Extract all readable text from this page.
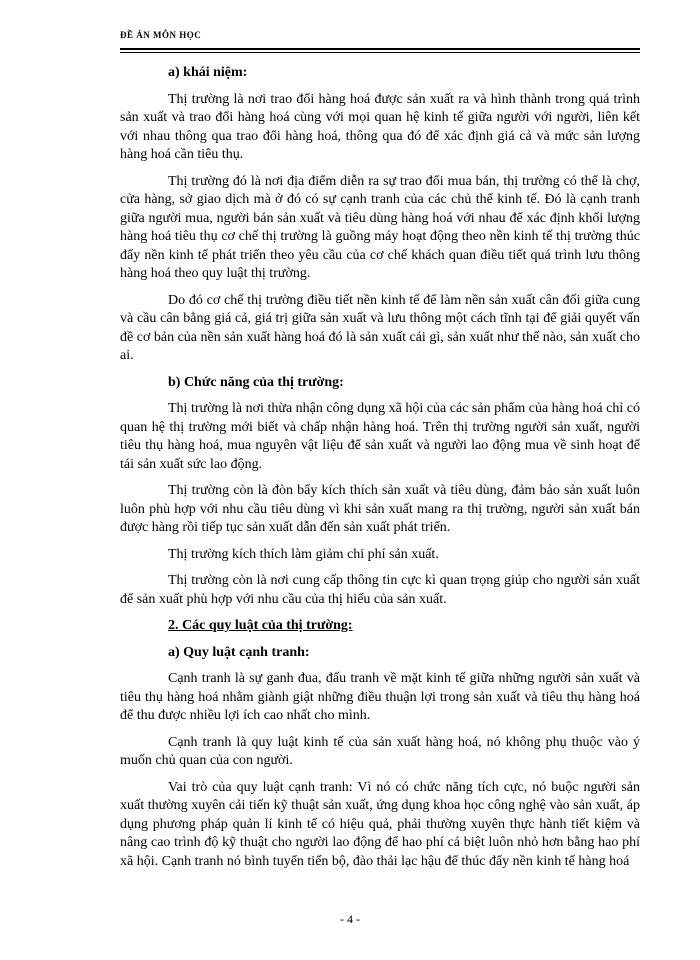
ĐỀ ÁN MÔN HỌC

a) khái niệm:

Thị trường là nơi trao đổi hàng hoá được sản xuất ra và hình thành trong quá trình sản xuất và trao đổi hàng hoá cùng với mọi quan hệ kinh tế giữa người với người, liên kết với nhau thông qua trao đổi hàng hoá, thông qua đó để xác định giá cả và mức sản lượng hàng hoá cần tiêu thụ.

Thị trường đó là nơi địa điểm diễn ra sự trao đổi mua bán, thị trường có thể là chợ, cửa hàng, sở giao dịch mà ở đó có sự cạnh tranh của các chủ thể kinh tế. Đó là cạnh tranh giữa người mua, người bán sản xuất và tiêu dùng hàng hoá với nhau để xác định khối lượng hàng hoá tiêu thụ cơ chế thị trường là guồng máy hoạt động theo nền kinh tế thị trường thúc đẩy nền kinh tế phát triển theo yêu cầu của cơ chế khách quan điều tiết quá trình lưu thông hàng hoá theo quy luật thị trường.

Do đó cơ chế thị trường điều tiết nền kinh tế để làm nền sản xuất cân đối giữa cung và cầu cân bằng giá cả, giá trị giữa sản xuất và lưu thông một cách tĩnh tại để giải quyết vấn đề cơ bản của nền sản xuất hàng hoá đó là sản xuất cái gì, sản xuất như thế nào, sản xuất cho ai.

b) Chức năng của thị trường:

Thị trường là nơi thừa nhận công dụng xã hội của các sản phẩm của hàng hoá chỉ có quan hệ thị trường mới biết và chấp nhận hàng hoá. Trên thị trường người sản xuất, người tiêu thụ hàng hoá, mua nguyên vật liệu để sản xuất và người lao động mua về sinh hoạt để tái sản xuất sức lao động.

Thị trường còn là đòn bẩy kích thích sản xuất và tiêu dùng, đảm bảo sản xuất luôn luôn phù hợp với nhu cầu tiêu dùng vì khi sản xuất mang ra thị trường, người sản xuất bán được hàng rồi tiếp tục sản xuất dẫn đến sản xuất phát triển.

Thị trường kích thích làm giảm chi phí sản xuất.

Thị trường còn là nơi cung cấp thông tin cực kì quan trọng giúp cho người sản xuất để sản xuất phù hợp với nhu cầu của thị hiếu của sản xuất.

2. Các quy luật của thị trường:

a) Quy luật cạnh tranh:

Cạnh tranh là sự ganh đua, đấu tranh về mặt kinh tế giữa những người sản xuất và tiêu thụ hàng hoá nhằm giành giật những điều thuận lợi trong sản xuất và tiêu thụ hàng hoá để thu được nhiều lợi ích cao nhất cho mình.

Cạnh tranh là quy luật kinh tế của sản xuất hàng hoá, nó không phụ thuộc vào ý muốn chủ quan của con người.

Vai trò của quy luật cạnh tranh: Vì nó có chức năng tích cực, nó buộc người sản xuất thường xuyên cải tiến kỹ thuật sản xuất, ứng dụng khoa học công nghệ vào sản xuất, áp dụng phương pháp quản lí kinh tế có hiệu quả, phải thường xuyên thực hành tiết kiệm và nâng cao trình độ kỹ thuật cho người lao động để hao phí cá biệt luôn nhỏ hơn bằng hao phí xã hội. Cạnh tranh nó bình tuyển tiến bộ, đào thải lạc hậu để thúc đẩy nền kinh tế hàng hoá

- 4 -
